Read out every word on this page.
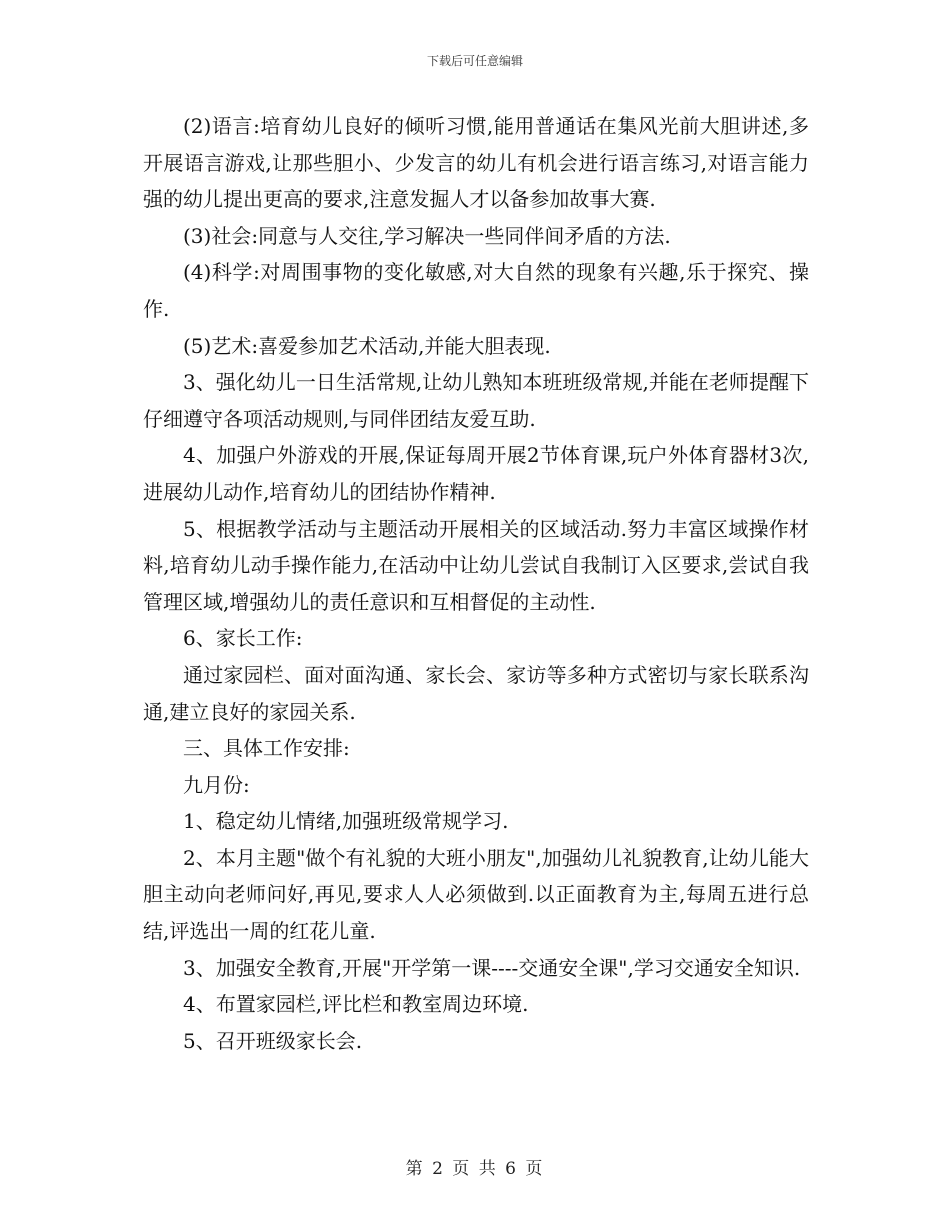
下载后可任意编辑

(2)语言:培育幼儿良好的倾听习惯,能用普通话在集风光前大胆讲述,多开展语言游戏,让那些胆小、少发言的幼儿有机会进行语言练习,对语言能力强的幼儿提出更高的要求,注意发掘人才以备参加故事大赛.

(3)社会:同意与人交往,学习解决一些同伴间矛盾的方法.

(4)科学:对周围事物的变化敏感,对大自然的现象有兴趣,乐于探究、操作.

(5)艺术:喜爱参加艺术活动,并能大胆表现.

3、强化幼儿一日生活常规,让幼儿熟知本班班级常规,并能在老师提醒下仔细遵守各项活动规则,与同伴团结友爱互助.

4、加强户外游戏的开展,保证每周开展2节体育课,玩户外体育器材3次,进展幼儿动作,培育幼儿的团结协作精神.

5、根据教学活动与主题活动开展相关的区域活动.努力丰富区域操作材料,培育幼儿动手操作能力,在活动中让幼儿尝试自我制订入区要求,尝试自我管理区域,增强幼儿的责任意识和互相督促的主动性.

6、家长工作:

通过家园栏、面对面沟通、家长会、家访等多种方式密切与家长联系沟通,建立良好的家园关系.

三、具体工作安排:

九月份:

1、稳定幼儿情绪,加强班级常规学习.

2、本月主题"做个有礼貌的大班小朋友",加强幼儿礼貌教育,让幼儿能大胆主动向老师问好,再见,要求人人必须做到.以正面教育为主,每周五进行总结,评选出一周的红花儿童.

3、加强安全教育,开展"开学第一课----交通安全课",学习交通安全知识.

4、布置家园栏,评比栏和教室周边环境.

5、召开班级家长会.

第 2 页 共 6 页
